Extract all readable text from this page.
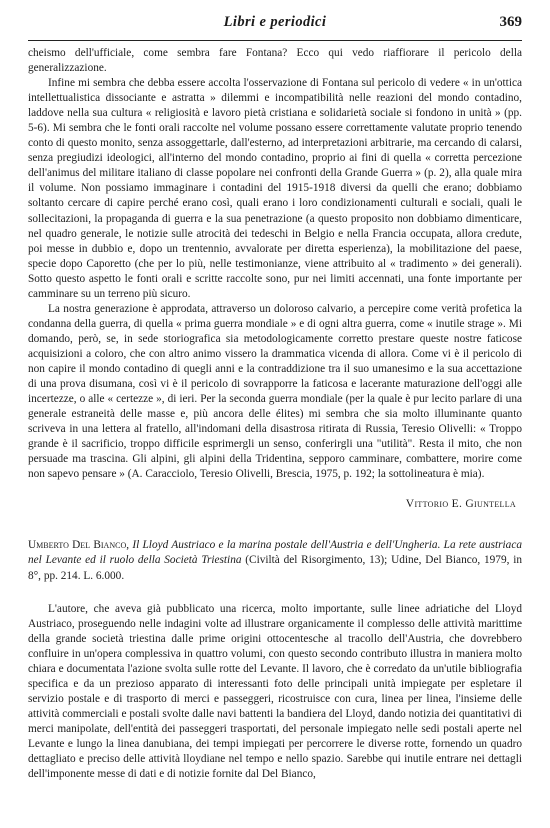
Libri e periodici	369

cheismo dell'ufficiale, come sembra fare Fontana? Ecco qui vedo riaffiorare il pericolo della generalizzazione.

Infine mi sembra che debba essere accolta l'osservazione di Fontana sul pericolo di vedere « in un'ottica intellettualistica dissociante e astratta » dilemmi e incompatibilità nelle reazioni del mondo contadino, laddove nella sua cultura « religiosità e lavoro pietà cristiana e solidarietà sociale si fondono in unità » (pp. 5-6). Mi sembra che le fonti orali raccolte nel volume possano essere correttamente valutate proprio tenendo conto di questo monito, senza assoggettarle, dall'esterno, ad interpretazioni arbitrarie, ma cercando di calarsi, senza pregiudizi ideologici, all'interno del mondo contadino, proprio ai fini di quella « corretta percezione dell'animus del militare italiano di classe popolare nei confronti della Grande Guerra » (p. 2), alla quale mira il volume. Non possiamo immaginare i contadini del 1915-1918 diversi da quelli che erano; dobbiamo soltanto cercare di capire perché erano così, quali erano i loro condizionamenti culturali e sociali, quali le sollecitazioni, la propaganda di guerra e la sua penetrazione (a questo proposito non dobbiamo dimenticare, nel quadro generale, le notizie sulle atrocità dei tedeschi in Belgio e nella Francia occupata, allora credute, poi messe in dubbio e, dopo un trentennio, avvalorate per diretta esperienza), la mobilitazione del paese, specie dopo Caporetto (che per lo più, nelle testimonianze, viene attribuito al « tradimento » dei generali). Sotto questo aspetto le fonti orali e scritte raccolte sono, pur nei limiti accennati, una fonte importante per camminare su un terreno più sicuro.

La nostra generazione è approdata, attraverso un doloroso calvario, a percepire come verità profetica la condanna della guerra, di quella « prima guerra mondiale » e di ogni altra guerra, come « inutile strage ». Mi domando, però, se, in sede storiografica sia metodologicamente corretto prestare queste nostre faticose acquisizioni a coloro, che con altro animo vissero la drammatica vicenda di allora. Come vi è il pericolo di non capire il mondo contadino di quegli anni e la contraddizione tra il suo umanesimo e la sua accettazione di una prova disumana, così vi è il pericolo di sovrapporre la faticosa e lacerante maturazione dell'oggi alle incertezze, o alle « certezze », di ieri. Per la seconda guerra mondiale (per la quale è pur lecito parlare di una generale estraneità delle masse e, più ancora delle élites) mi sembra che sia molto illuminante quanto scriveva in una lettera al fratello, all'indomani della disastrosa ritirata di Russia, Teresio Olivelli: « Troppo grande è il sacrificio, troppo difficile esprimergli un senso, conferirgli una "utilità". Resta il mito, che non persuade ma trascina. Gli alpini, gli alpini della Tridentina, sepporo camminare, combattere, morire come non sapevo pensare » (A. Caracciolo, Teresio Olivelli, Brescia, 1975, p. 192; la sottolineatura è mia).

Vittorio E. Giuntella
Umberto Del Bianco, Il Lloyd Austriaco e la marina postale dell'Austria e dell'Ungheria. La rete austriaca nel Levante ed il ruolo della Società Triestina (Civiltà del Risorgimento, 13); Udine, Del Bianco, 1979, in 8°, pp. 214. L. 6.000.

L'autore, che aveva già pubblicato una ricerca, molto importante, sulle linee adriatiche del Lloyd Austriaco, proseguendo nelle indagini volte ad illustrare organicamente il complesso delle attività marittime della grande società triestina dalle prime origini ottocentesche al tracollo dell'Austria, che dovrebbero confluire in un'opera complessiva in quattro volumi, con questo secondo contributo illustra in maniera molto chiara e documentata l'azione svolta sulle rotte del Levante. Il lavoro, che è corredato da un'utile bibliografia specifica e da un prezioso apparato di interessanti foto delle principali unità impiegate per espletare il servizio postale e di trasporto di merci e passeggeri, ricostruisce con cura, linea per linea, l'insieme delle attività commerciali e postali svolte dalle navi battenti la bandiera del Lloyd, dando notizia dei quantitativi di merci manipolate, dell'entità dei passeggeri trasportati, del personale impiegato nelle sedi postali aperte nel Levante e lungo la linea danubiana, dei tempi impiegati per percorrere le diverse rotte, fornendo un quadro dettagliato e preciso delle attività lloydiane nel tempo e nello spazio. Sarebbe qui inutile entrare nei dettagli dell'imponente messe di dati e di notizie fornite dal Del Bianco,
